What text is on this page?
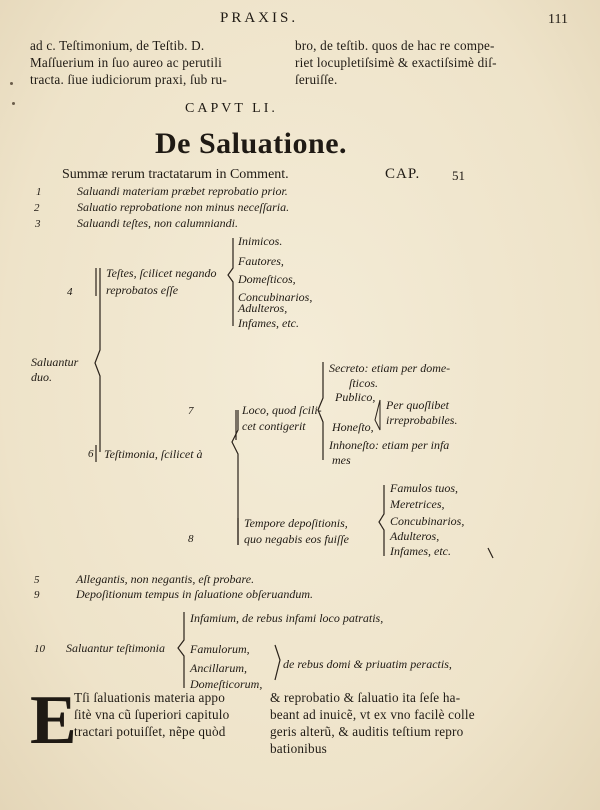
PRAXIS.	111
ad c. Teſtimonium, de Teſtib. D.
Maſſuerium in ſuo aureo ac perutili
tracta. ſiue iudiciorum praxi, ſub ru-
bro, de teſtib. quos de hac re compe-
riet locupletiſsimè & exactiſsimè diſ-
ſeruiſſe.
CAPVT LI.
De Saluatione.
Summæ rerum tractatarum in Comment.	CAP. 51
1	Saluandi materiam præbet reprobatio prior.
2	Saluatio reprobatione non minus neceſſaria.
3	Saluandi teſtes, non calumniandi.
4
Teſtes, ſcilicet negando
reprobatos eſſe
Inimicos.
Fautores,
Domeſticos,
Concubinarios,
Adulteros,
Infames, etc.
Saluantur
duo.
7	Loco, quod ſcili-
cet contigerit
Secreto: etiam per dome-
ſticos.
Publico,
Per quoſlibet
irreprobabiles.
Honeſto,
Inhoneſto: etiam per infa
mes
6 Teſtimonia, ſcilicet à
8
Tempore depoſitionis,
quo negabis eos fuiſſe
Famulos tuos,
Meretrices,
Concubinarios,
Adulteros,
Infames, etc.
5	Allegantis, non negantis, eſt probare.
9	Depoſitionum tempus in ſaluatione obſeruandum.
10 Saluantur teſtimonia
Infamium, de rebus infami loco patratis,
Famulorum,
Ancillarum,
Domeſticorum,
de rebus domi & priuatim peractis,
E
Tſi ſaluationis materia appo
ſitè vna cũ ſuperiori capitulo
tractari potuiſſet, nẽpe quòd
& reprobatio & ſaluatio ita ſeſe ha-
beant ad inuicẽ, vt ex vno facilè colle
geris alterũ, & auditis teſtium repro
bationibus
